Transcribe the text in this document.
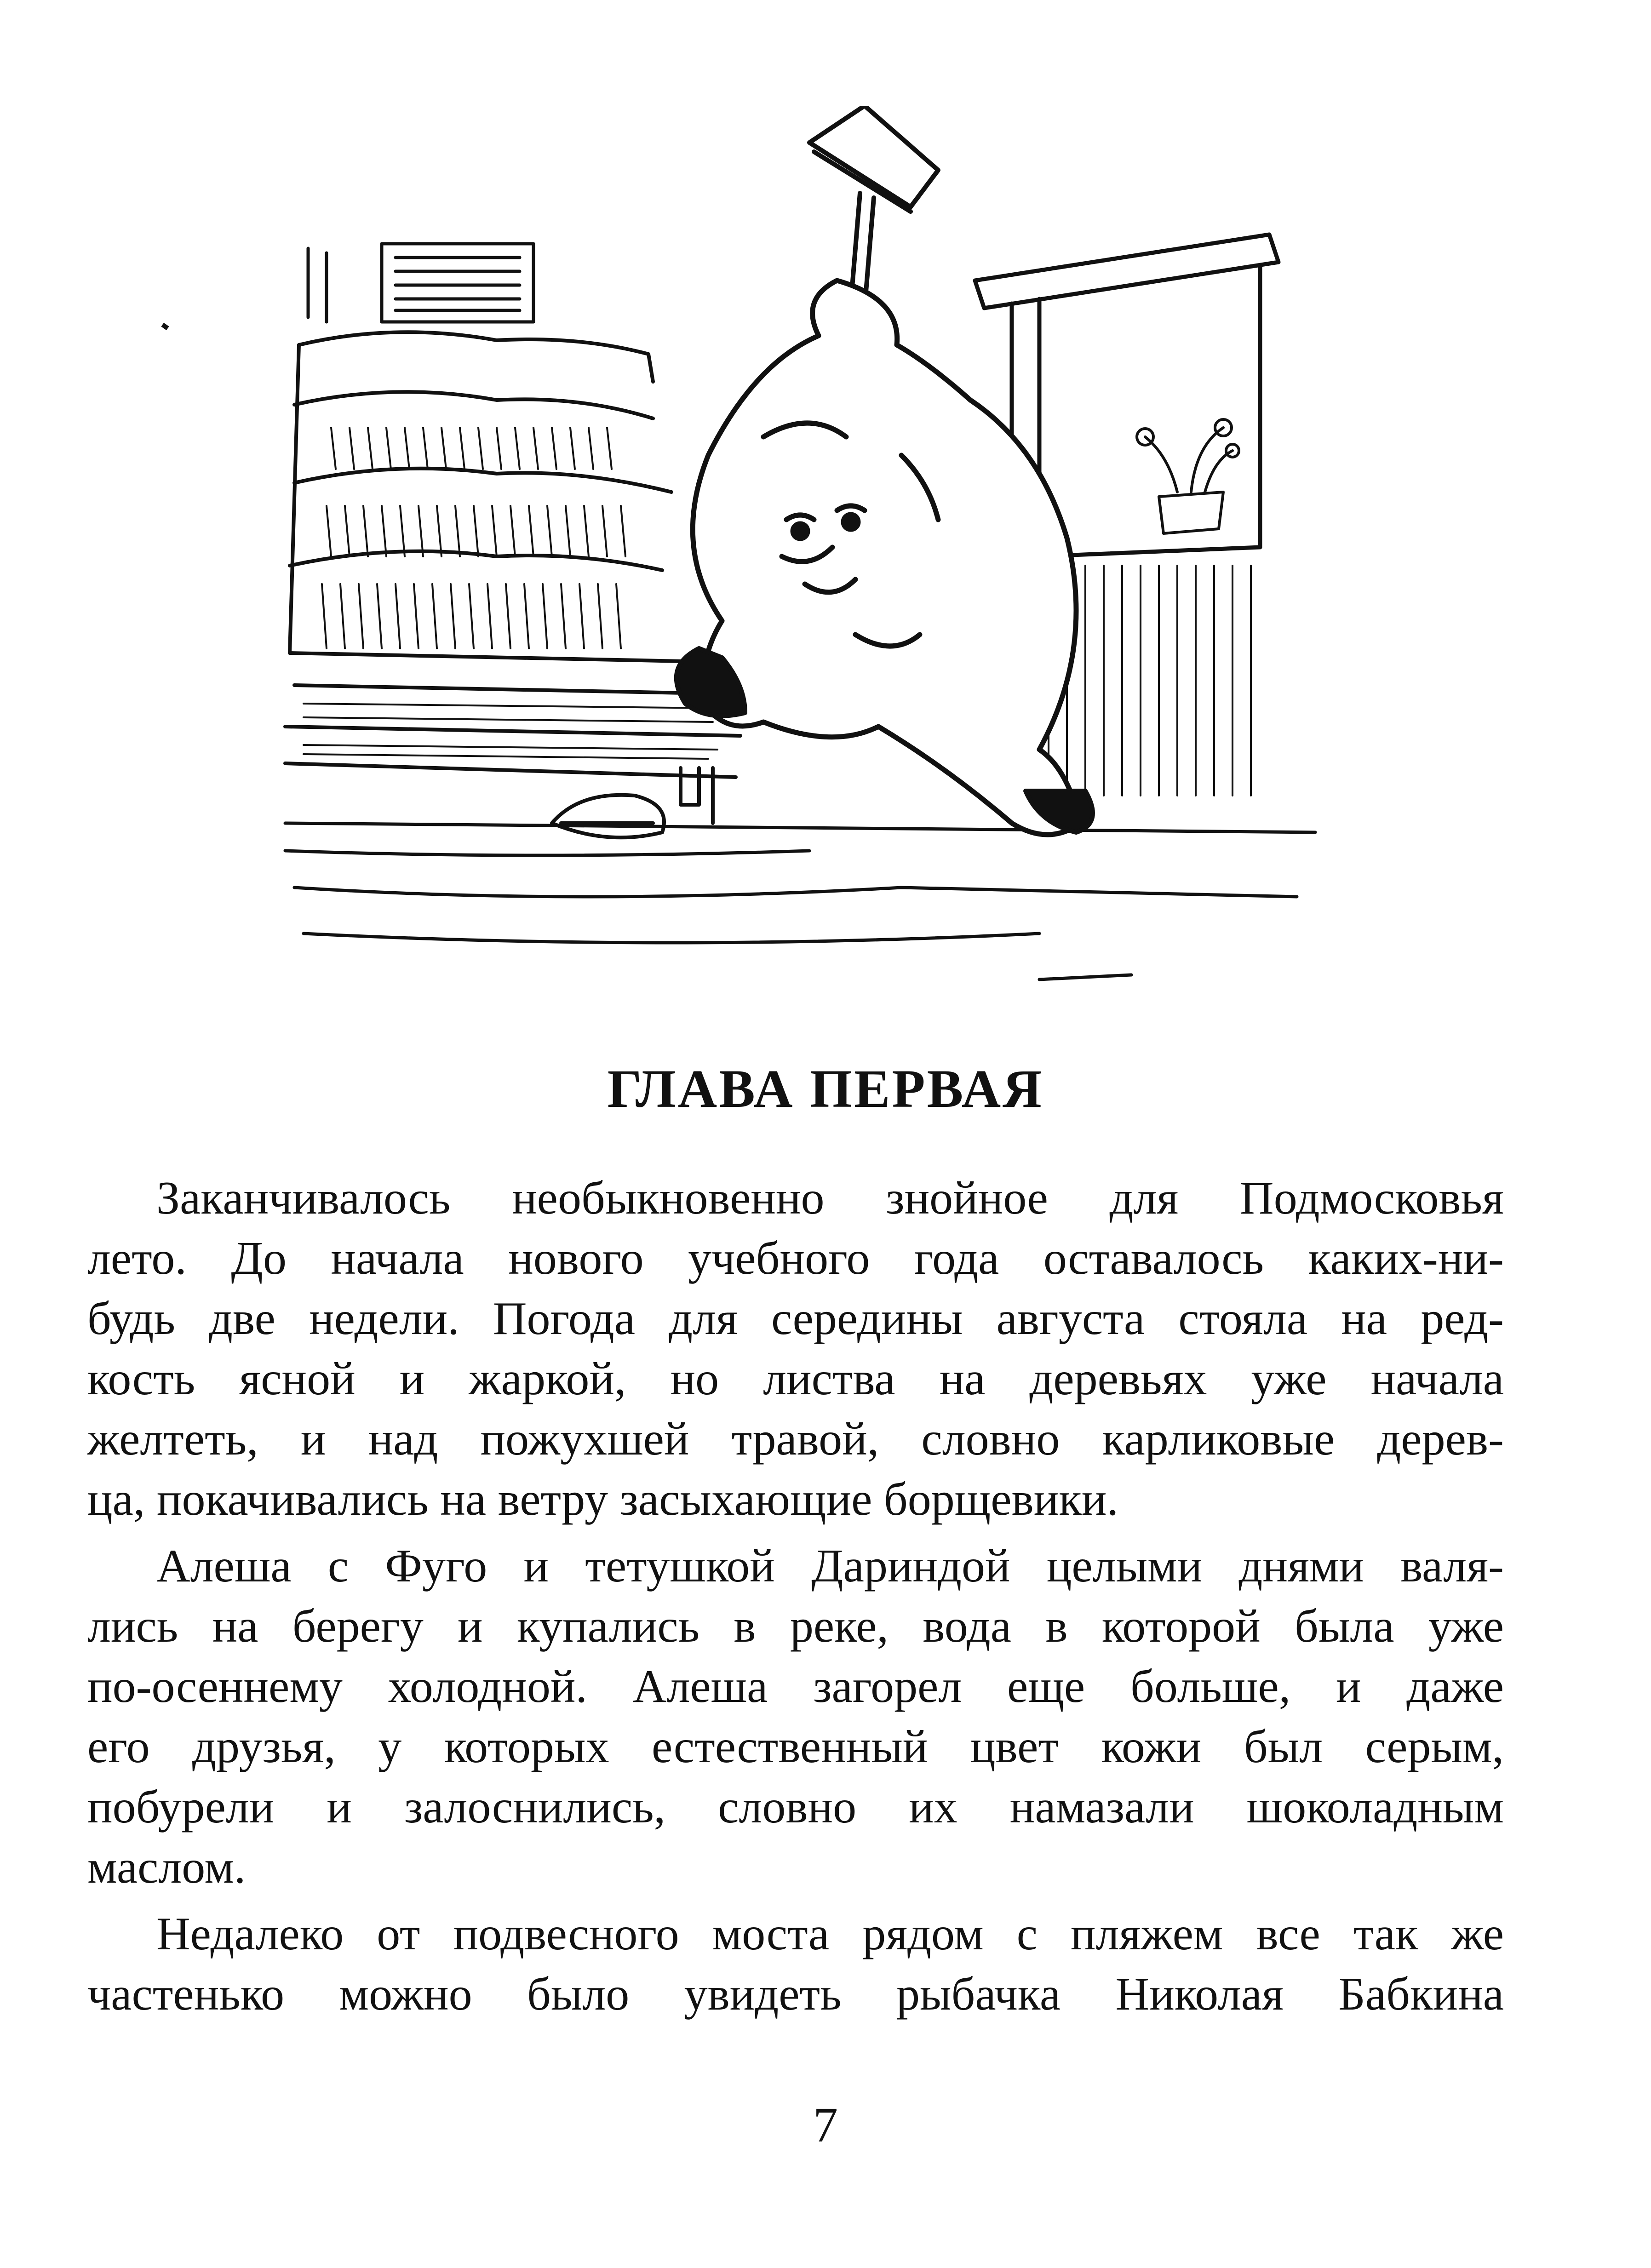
ГЛАВА ПЕРВАЯ
Заканчивалось необыкновенно знойное для Подмосковья
лето. До начала нового учебного года оставалось каких-ни-
будь две недели. Погода для середины августа стояла на ред-
кость ясной и жаркой, но листва на деревьях уже начала
желтеть, и над пожухшей травой, словно карликовые дерев-
ца, покачивались на ветру засыхающие борщевики.
Алеша с Фуго и тетушкой Дариндой целыми днями валя-
лись на берегу и купались в реке, вода в которой была уже
по-осеннему холодной. Алеша загорел еще больше, и даже
его друзья, у которых естественный цвет кожи был серым,
побурели и залоснились, словно их намазали шоколадным
маслом.
Недалеко от подвесного моста рядом с пляжем все так же
частенько можно было увидеть рыбачка Николая Бабкина
7
